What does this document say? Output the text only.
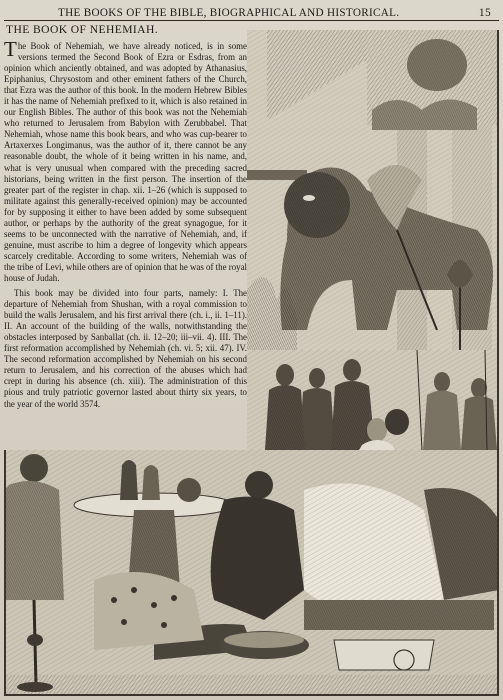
THE BOOKS OF THE BIBLE, BIOGRAPHICAL AND HISTORICAL.	15
THE BOOK OF NEHEMIAH.

The Book of Nehemiah, we have already noticed, is in some versions termed the Second Book of Ezra or Esdras, from an opinion which anciently obtained, and was adopted by Athanasius, Epiphanius, Chrysostom and other eminent fathers of the Church, that Ezra was the author of this book. In the modern Hebrew Bibles it has the name of Nehemiah prefixed to it, which is also retained in our English Bibles. The author of this book was not the Nehemiah who returned to Jerusalem from Babylon with Zerubbabel. That Nehemiah, whose name this book bears, and who was cup-bearer to Artaxerxes Longimanus, was the author of it, there cannot be any reasonable doubt, the whole of it being written in his name, and, what is very unusual when compared with the preceding sacred historians, being written in the first person. The insertion of the greater part of the register in chap. xii. 1–26 (which is supposed to militate against this generally-received opinion) may be accounted for by supposing it either to have been added by some subsequent author, or perhaps by the authority of the great synagogue, for it seems to be unconnected with the narrative of Nehemiah, and, if genuine, must ascribe to him a degree of longevity which appears scarcely creditable. According to some writers, Nehemiah was of the tribe of Levi, while others are of opinion that he was of the royal house of Judah.

This book may be divided into four parts, namely: I. The departure of Nehemiah from Shushan, with a royal commission to build the walls Jerusalem, and his first arrival there (ch. i., ii. 1–11). II. An account of the building of the walls, notwithstanding the obstacles interposed by Sanballat (ch. ii. 12–20; iii–vii. 4). III. The first reformation accomplished by Nehemiah (ch. vi. 5; xii. 47). IV. The second reformation accomplished by Nehemiah on his second return to Jerusalem, and his correction of the abuses which had crept in during his absence (ch. xiii). The administration of this pious and truly patriotic governor lasted about thirty six years, to the year of the world 3574.
